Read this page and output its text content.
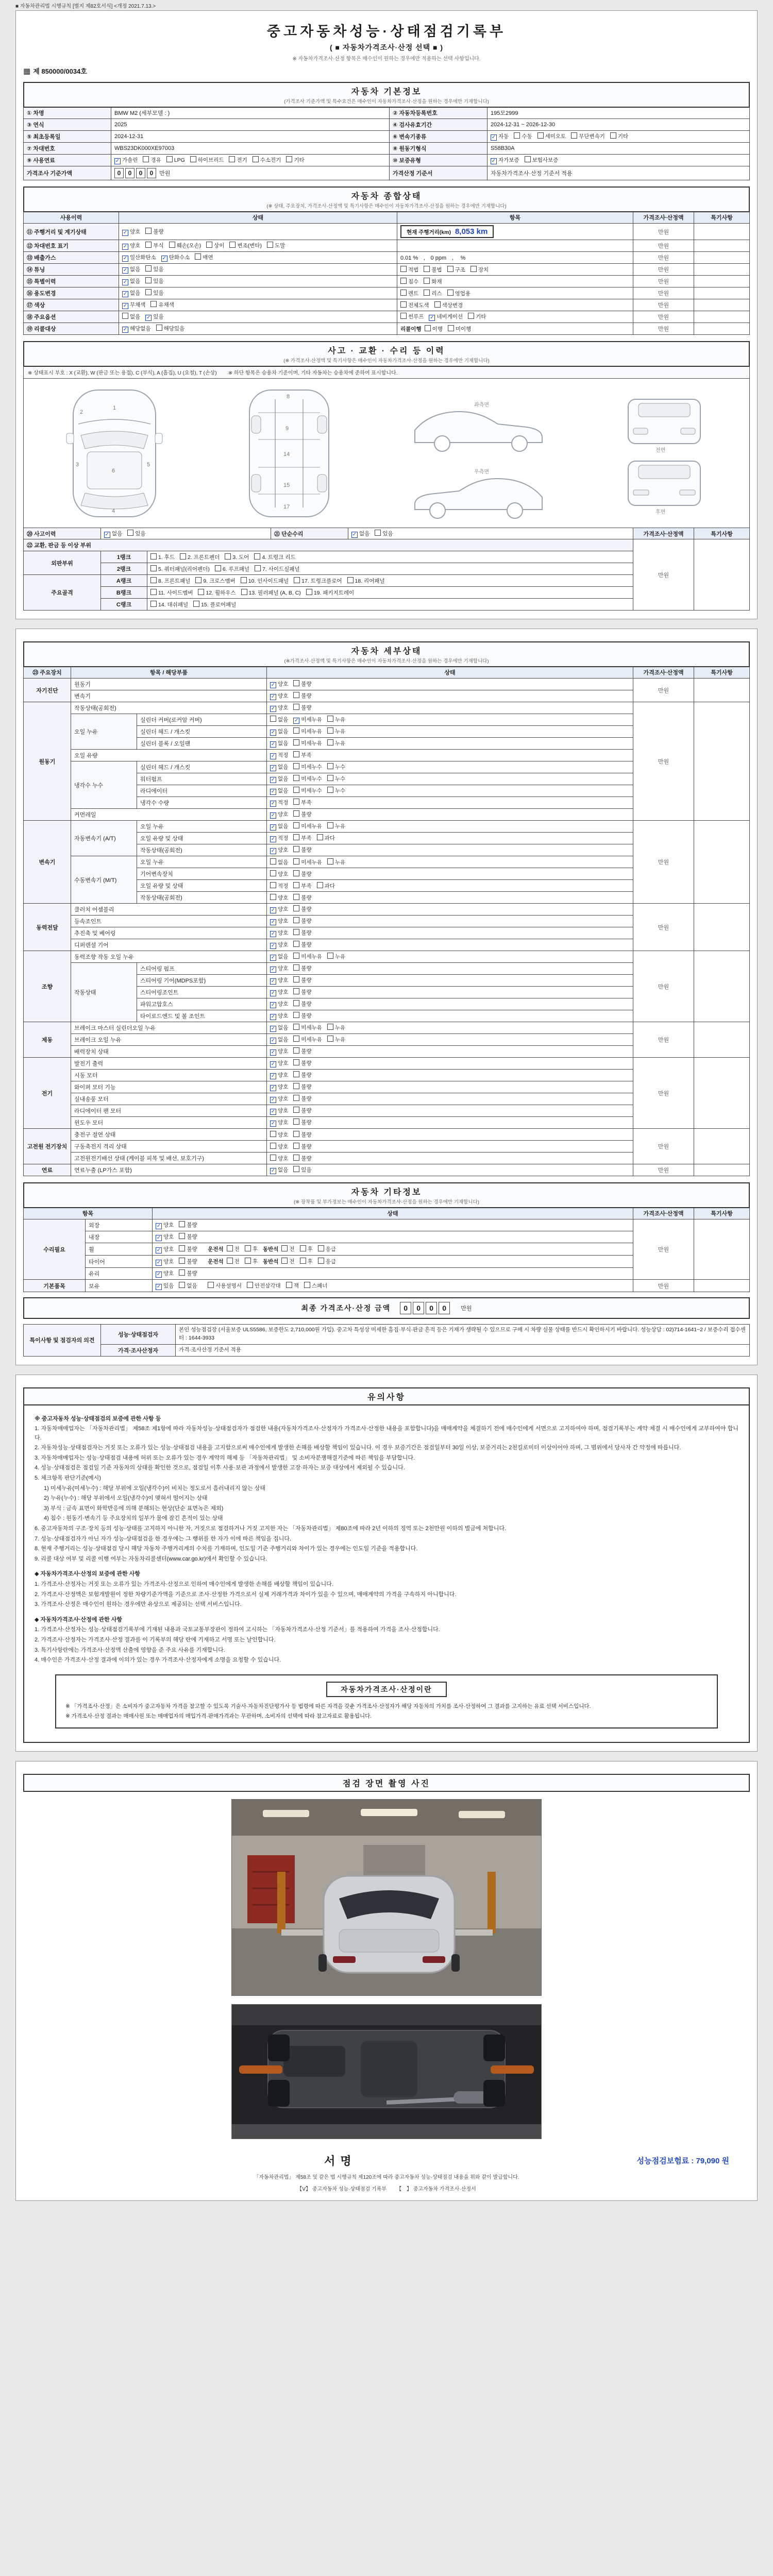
■ 자동차관리법 시행규칙 [별지 제82호서식] <개정 2021.7.13.>
중고자동차성능·상태점검기록부
( ■ 자동차가격조사·산정 선택 ■ )
※ 자동차가격조사·산정 항목은 매수인이 원하는 경우에만 적용하는 선택 사항입니다.
▦ 제 850000/0034호
자동차 기본정보
(가격조사 기준가액 및 특수요건은 매수인이 자동차가격조사·산정을 원하는 경우에만 기재합니다)
① 차명	BMW M2 (세부모델 : )	② 자동차등록번호	195모2999
③ 연식	2025	④ 검사유효기간	2024-12-31 ~ 2026-12-30
⑤ 최초등록일	2024-12-31	⑥ 변속기종류	✓ 자동 수동 세미오토 무단변속기 기타
⑦ 차대번호	WBS23DK000XE97003	⑧ 원동기형식	S58B30A
⑨ 사용연료	✓ 가솔린 경유 LPG 하이브리드 전기 수소전기 기타	⑩ 보증유형	✓ 자가보증 보험사보증
가격조사 기준가액	0 0 0 0 만원	가격산정 기준서	자동차가격조사·산정 기준서 적용
자동차 종합상태
(※ 상태, 주요장치, 가격조사·산정액 및 특기사항은 매수인이 자동차가격조사·산정을 원하는 경우에만 기재합니다)
사용이력	상태	항목	가격조사·산정액	특기사항
⑪ 주행거리 및 계기상태	✓ 양호 불량	현재 주행거리(km) 8,053 km	만원	
⑫ 차대번호 표기	✓ 양호 부식 훼손(오손) 상이 변조(변타) 도말		만원	
⑬ 배출가스	✓ 일산화탄소 ✓ 탄화수소 매연	0.01 %ㅤ,ㅤ0 ppmㅤ,ㅤ %	만원	
⑭ 튜닝	✓ 없음 있음	적법 불법 구조 장치	만원	
⑮ 특별이력	✓ 없음 있음	침수 화재	만원	
⑯ 용도변경	✓ 없음 있음	렌트 리스 영업용	만원	
⑰ 색상	✓ 무채색 유채색	전체도색 색상변경	만원	
⑱ 주요옵션	없음 ✓ 있음	썬루프 ✓ 네비게이션 기타	만원	
⑲ 리콜대상	✓ 해당없음 해당있음	리콜이행 이행 미이행	만원	
사고 · 교환 · 수리 등 이력
(※ 가격조사·산정액 및 특기사항은 매수인이 자동차가격조사·산정을 원하는 경우에만 기재합니다)
※ 상태표시 부호 : X (교환), W (판금 또는 용접), C (부식), A (흠집), U (요철), T (손상)ㅤㅤ ※ 하단 항목은 승용차 기준이며, 기타 자동차는 승용차에 준하여 표시합니다.
1
2
3
6
4
5
8
9
14
15
17
좌측면
우측면
전면
후면
⑳ 사고이력	✓ 없음 있음	㉑ 단순수리	✓ 없음 있음	가격조사·산정액	특기사항
㉒ 교환, 판금 등 이상 부위			만원	
외판부위	1랭크	1. 후드 2. 프론트펜더 3. 도어 4. 트렁크 리드		
	2랭크	5. 쿼터패널(리어펜더) 6. 루프패널 7. 사이드실패널		
주요골격	A랭크	8. 프론트패널 9. 크로스멤버 10. 인사이드패널 17. 트렁크플로어 18. 리어패널		
	B랭크	11. 사이드멤버 12. 휠하우스 13. 필러패널 (A, B, C) 19. 패키지트레이		
	C랭크	14. 대쉬패널 15. 플로어패널		
자동차 세부상태
(※가격조사·산정액 및 특기사항은 매수인이 자동차가격조사·산정을 원하는 경우에만 기재합니다)
㉓ 주요장치	항목 / 해당부품		상태	가격조사·산정액	특기사항
자기진단	원동기		✓ 양호 불량	만원	
	변속기		✓ 양호 불량		
원동기	작동상태(공회전)		✓ 양호 불량	만원	
	오일 누유	실린더 커버(로커암 커버)	없음 ✓ 미세누유 누유		
		실린더 헤드 / 개스킷	✓ 없음 미세누유 누유		
		실린더 블록 / 오일팬	✓ 없음 미세누유 누유		
	오일 유량		✓ 적정 부족		
	냉각수 누수	실린더 헤드 / 개스킷	✓ 없음 미세누수 누수		
		워터펌프	✓ 없음 미세누수 누수		
		라디에이터	✓ 없음 미세누수 누수		
		냉각수 수량	✓ 적정 부족		
	커먼레일		✓ 양호 불량		
변속기	자동변속기 (A/T)	오일 누유	✓ 없음 미세누유 누유	만원	
		오일 유량 및 상태	✓ 적정 부족 과다		
		작동상태(공회전)	✓ 양호 불량		
	수동변속기 (M/T)	오일 누유	없음 미세누유 누유		
		기어변속장치	양호 불량		
		오일 유량 및 상태	적정 부족 과다		
		작동상태(공회전)	양호 불량		
동력전달	클러치 어셈블리		✓ 양호 불량	만원	
	등속조인트		✓ 양호 불량		
	추진축 및 베어링		✓ 양호 불량		
	디퍼렌셜 기어		✓ 양호 불량		
조향	동력조향 작동 오일 누유		✓ 없음 미세누유 누유	만원	
	작동상태	스티어링 펌프	✓ 양호 불량		
		스티어링 기어(MDPS포함)	✓ 양호 불량		
		스티어링조인트	✓ 양호 불량		
		파워고압호스	✓ 양호 불량		
		타이로드엔드 및 볼 조인트	✓ 양호 불량		
제동	브레이크 마스터 실린더오일 누유		✓ 없음 미세누유 누유	만원	
	브레이크 오일 누유		✓ 없음 미세누유 누유		
	배력장치 상태		✓ 양호 불량		
전기	발전기 출력		✓ 양호 불량	만원	
	시동 모터		✓ 양호 불량		
	와이퍼 모터 기능		✓ 양호 불량		
	실내송풍 모터		✓ 양호 불량		
	라디에이터 팬 모터		✓ 양호 불량		
	윈도우 모터		✓ 양호 불량		
고전원 전기장치	충전구 절연 상태		양호 불량	만원	
	구동축전지 격리 상태		양호 불량		
	고전원전기배선 상태 (케이블 피복 및 배선, 보호기구)		양호 불량		
연료	연료누출 (LP가스 포함)		✓ 없음 있음	만원	
자동차 기타정보
(※ 장착품 및 부가정보는 매수인이 자동차가격조사·산정을 원하는 경우에만 기재합니다)
항목		상태	가격조사·산정액	특기사항
수리필요	외장	✓ 양호 불량	만원	
	내장	✓ 양호 불량		
	휠	✓ 양호 불량 ㅤ운전석 전 후 동반석 전 후 응급		
	타이어	✓ 양호 불량 ㅤ운전석 전 후 동반석 전 후 응급		
	유리	✓ 양호 불량		
기본품목	보유	✓ 있음 없음 ㅤ 사용설명서 안전삼각대 잭 스패너	만원	
최종 가격조사·산정 금액	0 0 0 0	만원
특이사항 및 점검자의 의견	성능·상태점검자	본인 성능점검장 (서울보증 ULS5586, 보증한도 2,710,000원 가입). 중고차 특성상 미세한 흠집·부식·판금 흔적 등은 기재가 생략될 수 있으므로 구매 시 차량 실물 상태를 반드시 확인하시기 바랍니다. 성능상담 : 02)714-1641~2 / 보증수리 접수센터 : 1644-3933
	가격·조사산정자	가격·조사산정 기준서 적용
유의사항
※ 중고자동차 성능·상태점검의 보증에 관한 사항 등
1. 자동차매매업자는 「자동차관리법」 제58조 제1항에 따라 자동차성능·상태점검자가 점검한 내용(자동차가격조사·산정자가 가격조사·산정한 내용을 포함합니다)을 매매계약을 체결하기 전에 매수인에게 서면으로 고지하여야 하며, 점검기록부는 계약 체결 시 매수인에게 교부하여야 합니다.
2. 자동차성능·상태점검자는 거짓 또는 오류가 있는 성능·상태점검 내용을 고지함으로써 매수인에게 발생한 손해를 배상할 책임이 있습니다. 이 경우 보증기간은 점검일부터 30일 이상, 보증거리는 2천킬로미터 이상이어야 하며, 그 범위에서 당사자 간 약정에 따릅니다.
3. 자동차매매업자는 성능·상태점검 내용에 허위 또는 오류가 있는 경우 계약의 해제 등 「자동차관리법」 및 소비자분쟁해결기준에 따른 책임을 부담합니다.
4. 성능·상태점검은 점검일 기준 자동차의 상태를 확인한 것으로, 점검일 이후 사용·보관 과정에서 발생한 고장·하자는 보증 대상에서 제외될 수 있습니다.
5. 체크항목 판단기준(예시)
1) 미세누유(미세누수) : 해당 부위에 오일(냉각수)이 비치는 정도로서 흘러내리지 않는 상태
2) 누유(누수) : 해당 부위에서 오일(냉각수)이 맺혀서 떨어지는 상태
3) 부식 : 금속 표면이 화학반응에 의해 분해되는 현상(단순 표면녹은 제외)
4) 침수 : 원동기·변속기 등 주요장치의 일부가 물에 잠긴 흔적이 있는 상태
6. 중고자동차의 구조·장치 등의 성능·상태를 고지하지 아니한 자, 거짓으로 점검하거나 거짓 고지한 자는 「자동차관리법」 제80조에 따라 2년 이하의 징역 또는 2천만원 이하의 벌금에 처합니다.
7. 성능·상태점검자가 아닌 자가 성능·상태점검을 한 경우에는 그 행위를 한 자가 이에 따른 책임을 집니다.
8. 현재 주행거리는 성능·상태점검 당시 해당 자동차 주행거리계의 수치를 기재하며, 인도일 기준 주행거리와 차이가 있는 경우에는 인도일 기준을 적용합니다.
9. 리콜 대상 여부 및 리콜 이행 여부는 자동차리콜센터(www.car.go.kr)에서 확인할 수 있습니다.
◆ 자동차가격조사·산정의 보증에 관한 사항
1. 가격조사·산정자는 거짓 또는 오류가 있는 가격조사·산정으로 인하여 매수인에게 발생한 손해를 배상할 책임이 있습니다.
2. 가격조사·산정액은 보험개발원이 정한 차량기준가액을 기준으로 조사·산정한 가격으로서 실제 거래가격과 차이가 있을 수 있으며, 매매계약의 가격을 구속하지 아니합니다.
3. 가격조사·산정은 매수인이 원하는 경우에만 유상으로 제공되는 선택 서비스입니다.
◆ 자동차가격조사·산정에 관한 사항
1. 가격조사·산정자는 성능·상태점검기록부에 기재된 내용과 국토교통부장관이 정하여 고시하는 「자동차가격조사·산정 기준서」를 적용하여 가격을 조사·산정합니다.
2. 가격조사·산정자는 가격조사·산정 결과를 이 기록부의 해당 란에 기재하고 서명 또는 날인합니다.
3. 특기사항란에는 가격조사·산정액 산출에 영향을 준 주요 사유를 기재합니다.
4. 매수인은 가격조사·산정 결과에 이의가 있는 경우 가격조사·산정자에게 소명을 요청할 수 있습니다.
자동차가격조사·산정이란
※ 「가격조사·산정」은 소비자가 중고자동차 가격을 참고할 수 있도록 기술사·자동차진단평가사 등 법령에 따른 자격을 갖춘 가격조사·산정자가 해당 자동차의 가치를 조사·산정하여 그 결과를 고지하는 유료 선택 서비스입니다.
※ 가격조사·산정 결과는 매매사원 또는 매매업자의 매입가격·판매가격과는 무관하며, 소비자의 선택에 따라 참고자료로 활용됩니다.
점검 장면 촬영 사진
서명	성능점검보험료 : 79,090 원
「자동차관리법」 제58조 및 같은 법 시행규칙 제120조에 따라 중고자동차 성능·상태점검 내용을 위와 같이 발급합니다.
【Ⅴ】 중고자동차 성능·상태점검 기록부ㅤㅤ【ㅤ】 중고자동차 가격조사·산정서
